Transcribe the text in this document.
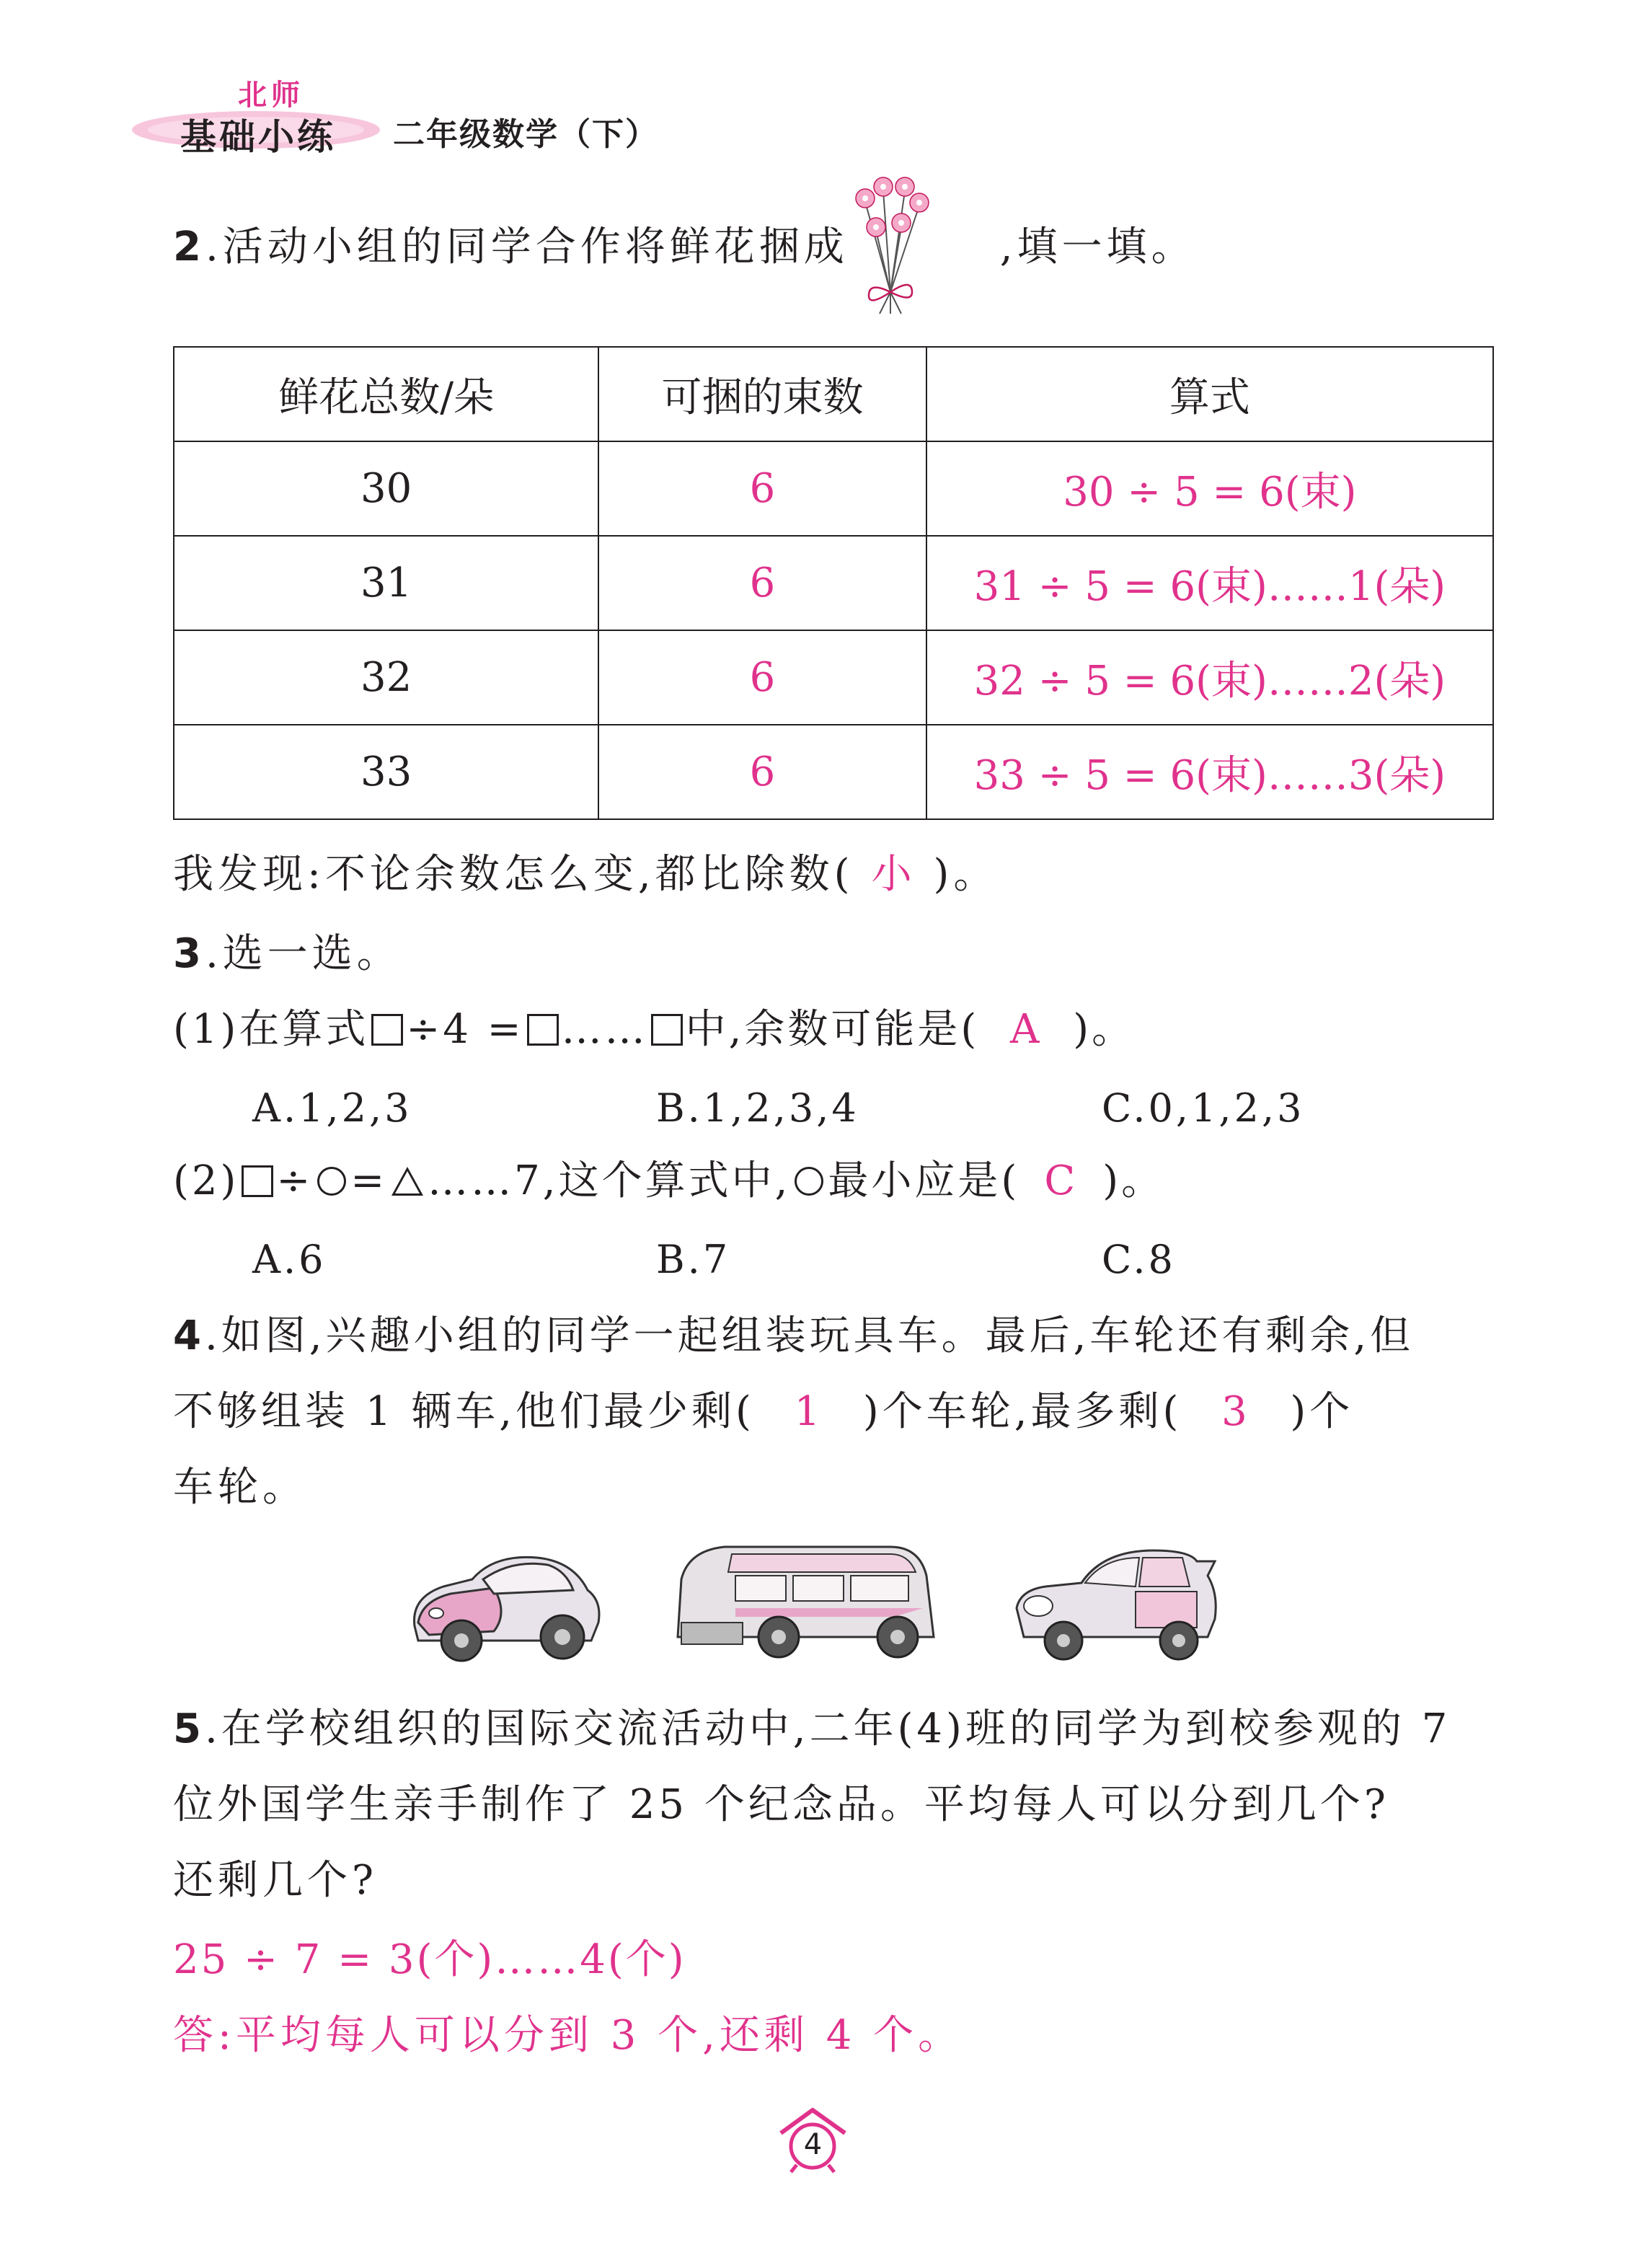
北师
基础小练 二年级数学（下）
2.活动小组的同学合作将鲜花捆成	,填一填。
鲜花总数/朵	可捆的束数	算式
30	6	30 ÷ 5 = 6(束)
31	6	31 ÷ 5 = 6(束)……1(朵)
32	6	32 ÷ 5 = 6(束)……2(朵)
33	6	33 ÷ 5 = 6(束)……3(朵)
我发现:不论余数怎么变,都比除数( 小 )。
3.选一选。
(1)在算式 ÷4 = …… 中,余数可能是( A )。
A.1,2,3	B.1,2,3,4	C.0,1,2,3
(2) ÷ = ……7,这个算式中, 最小应是( C )。
A.6	B.7	C.8
4.如图,兴趣小组的同学一起组装玩具车。最后,车轮还有剩余,但
不够组装 1 辆车,他们最少剩( 1 )个车轮,最多剩( 3 )个
车轮。
5.在学校组织的国际交流活动中,二年(4)班的同学为到校参观的 7
位外国学生亲手制作了 25 个纪念品。平均每人可以分到几个?
还剩几个?
25 ÷ 7 = 3(个)……4(个)
答:平均每人可以分到 3 个,还剩 4 个。
4
